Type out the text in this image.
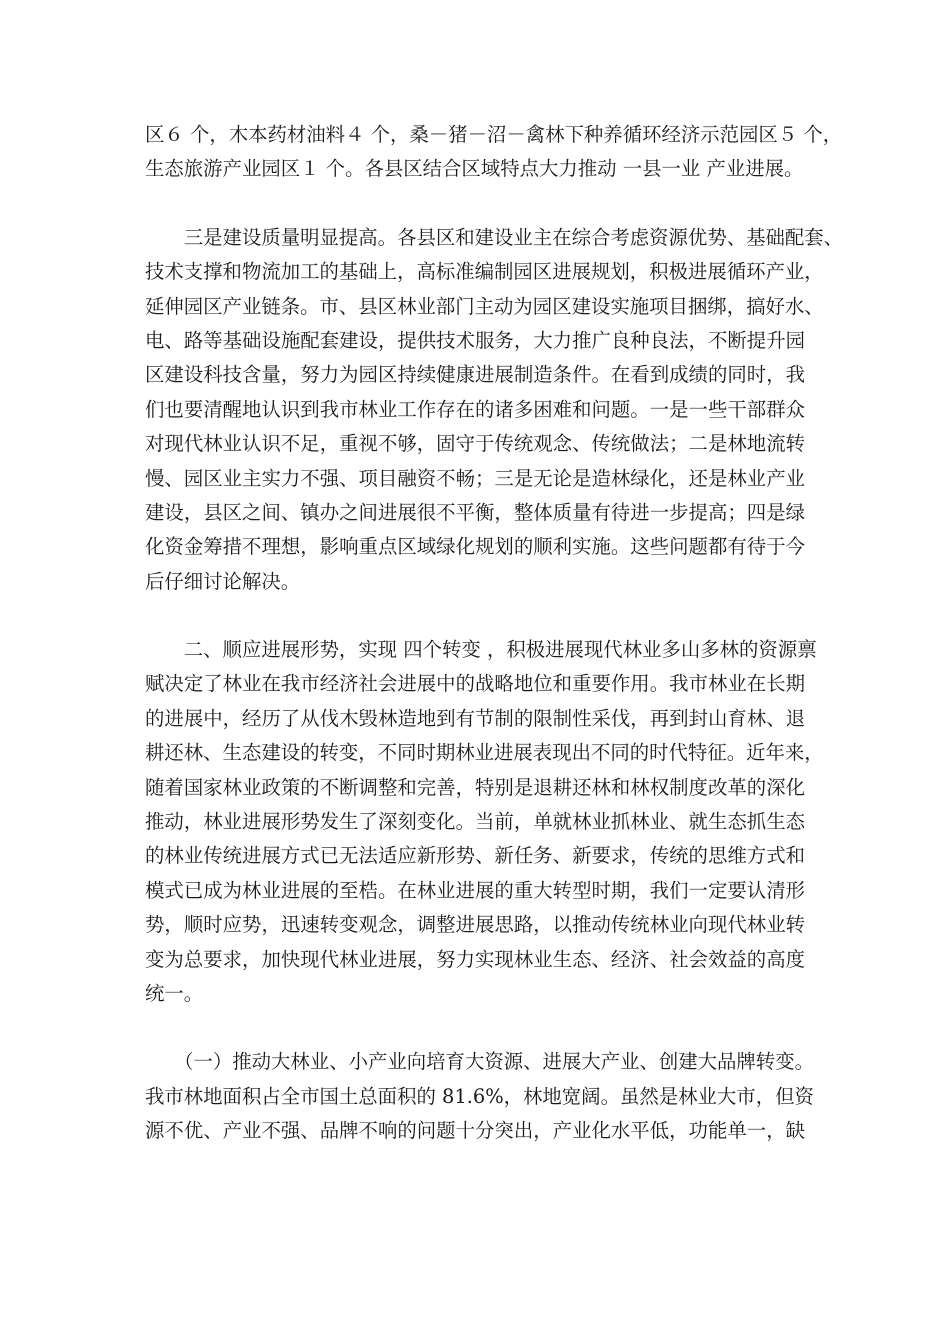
区６ 个，木本药材油料４ 个，桑－猪－沼－禽林下种养循环经济示范园区５ 个，
生态旅游产业园区１ 个。各县区结合区域特点大力推动 一县一业 产业进展。

　　三是建设质量明显提高。各县区和建设业主在综合考虑资源优势、基础配套、
技术支撑和物流加工的基础上，高标准编制园区进展规划，积极进展循环产业，
延伸园区产业链条。市、县区林业部门主动为园区建设实施项目捆绑，搞好水、
电、路等基础设施配套建设，提供技术服务，大力推广良种良法，不断提升园
区建设科技含量，努力为园区持续健康进展制造条件。在看到成绩的同时，我
们也要清醒地认识到我市林业工作存在的诸多困难和问题。一是一些干部群众
对现代林业认识不足，重视不够，固守于传统观念、传统做法；二是林地流转
慢、园区业主实力不强、项目融资不畅；三是无论是造林绿化，还是林业产业
建设，县区之间、镇办之间进展很不平衡，整体质量有待进一步提高；四是绿
化资金筹措不理想，影响重点区域绿化规划的顺利实施。这些问题都有待于今
后仔细讨论解决。

　　二、顺应进展形势，实现 四个转变 ，积极进展现代林业多山多林的资源禀
赋决定了林业在我市经济社会进展中的战略地位和重要作用。我市林业在长期
的进展中，经历了从伐木毁林造地到有节制的限制性采伐，再到封山育林、退
耕还林、生态建设的转变，不同时期林业进展表现出不同的时代特征。近年来，
随着国家林业政策的不断调整和完善，特别是退耕还林和林权制度改革的深化
推动，林业进展形势发生了深刻变化。当前，单就林业抓林业、就生态抓生态
的林业传统进展方式已无法适应新形势、新任务、新要求，传统的思维方式和
模式已成为林业进展的至梏。在林业进展的重大转型时期，我们一定要认清形
势，顺时应势，迅速转变观念，调整进展思路，以推动传统林业向现代林业转
变为总要求，加快现代林业进展，努力实现林业生态、经济、社会效益的高度
统一。

　　（一）推动大林业、小产业向培育大资源、进展大产业、创建大品牌转变。
我市林地面积占全市国土总面积的 81.6%，林地宽阔。虽然是林业大市，但资
源不优、产业不强、品牌不响的问题十分突出，产业化水平低，功能单一，缺
